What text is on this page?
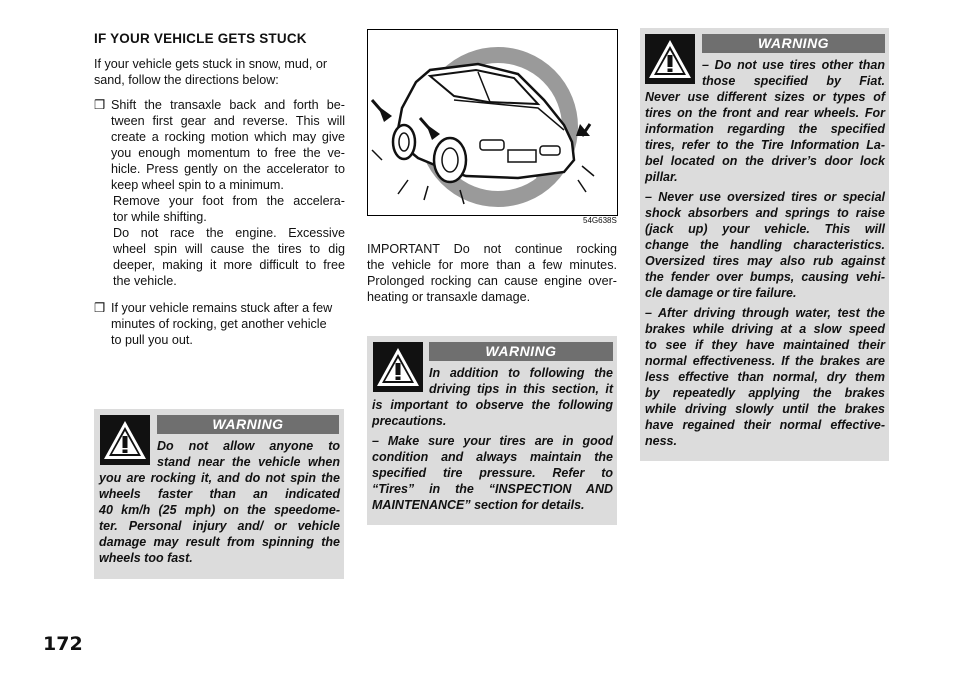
IF YOUR VEHICLE GETS STUCK
If your vehicle gets stuck in snow, mud, or sand, follow the directions below:
❒ Shift the transaxle back and forth be-
tween first gear and reverse. This will
create a rocking motion which may give
you enough momentum to free the ve-
hicle. Press gently on the accelerator to
keep wheel spin to a minimum.
Remove your foot from the accelera-
tor while shifting.
Do not race the engine. Excessive
wheel spin will cause the tires to dig
deeper, making it more difficult to free
the vehicle.
❒ If your vehicle remains stuck after a few
minutes of rocking, get another vehicle
to pull you out.
WARNING
Do not allow anyone to
stand near the vehicle when
you are rocking it, and do not spin the
wheels faster than an indicated
40 km/h (25 mph) on the speedome-
ter. Personal injury and/ or vehicle
damage may result from spinning the
wheels too fast.
54G638S
IMPORTANT Do not continue rocking
the vehicle for more than a few minutes.
Prolonged rocking can cause engine over-
heating or transaxle damage.
WARNING
In addition to following the
driving tips in this section, it
is important to observe the following
precautions.
– Make sure your tires are in good
condition and always maintain the
specified tire pressure. Refer to
“Tires” in the “INSPECTION AND
MAINTENANCE” section for details.
WARNING
– Do not use tires other than
those specified by Fiat.
Never use different sizes or types of
tires on the front and rear wheels. For
information regarding the specified
tires, refer to the Tire Information La-
bel located on the driver’s door lock
pillar.
– Never use oversized tires or special
shock absorbers and springs to raise
(jack up) your vehicle. This will
change the handling characteristics.
Oversized tires may also rub against
the fender over bumps, causing vehi-
cle damage or tire failure.
– After driving through water, test the
brakes while driving at a slow speed
to see if they have maintained their
normal effectiveness. If the brakes are
less effective than normal, dry them
by repeatedly applying the brakes
while driving slowly until the brakes
have regained their normal effective-
ness.
172
